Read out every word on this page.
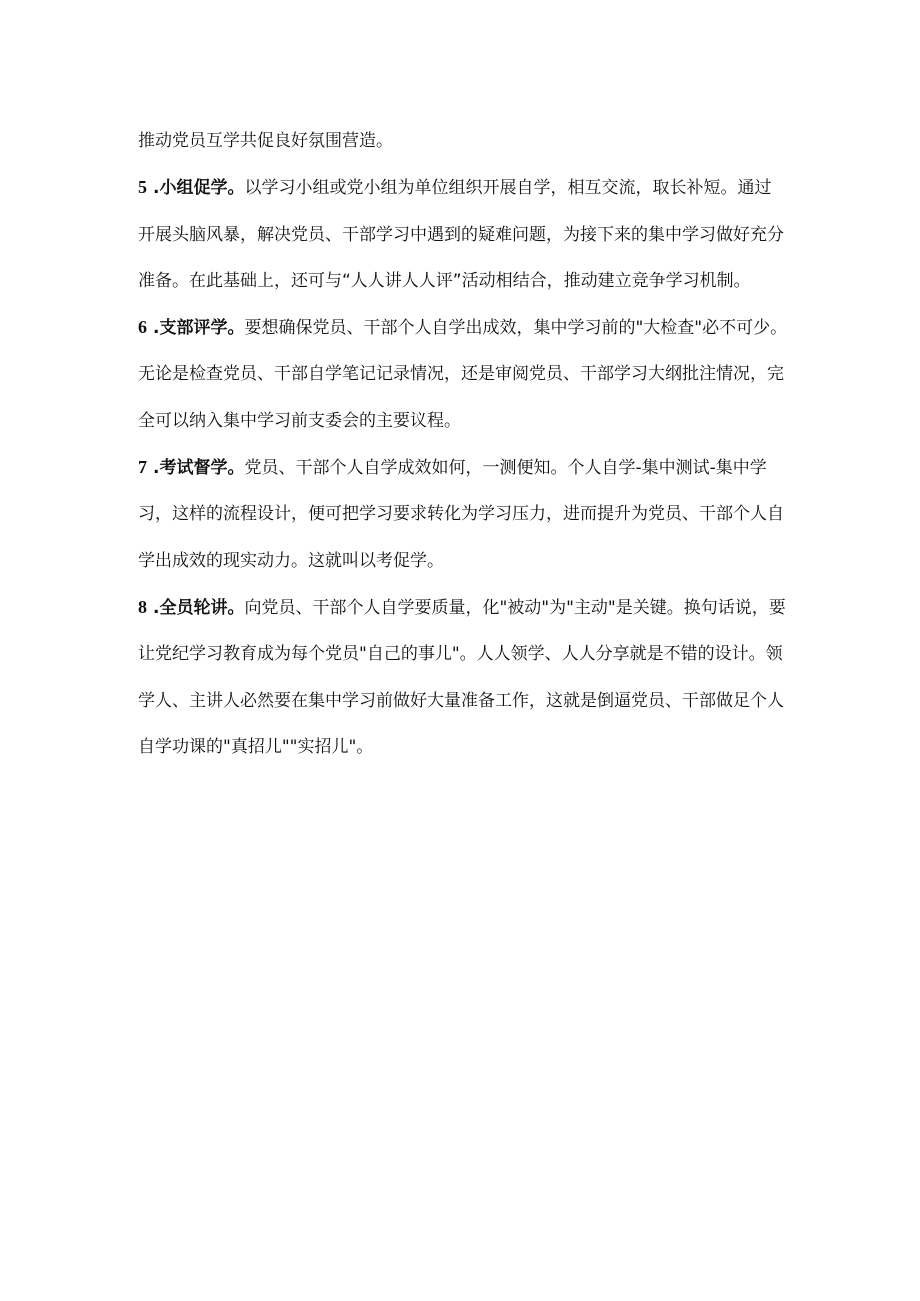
推动党员互学共促良好氛围营造。

5 .小组促学。以学习小组或党小组为单位组织开展自学，相互交流，取长补短。通过开展头脑风暴，解决党员、干部学习中遇到的疑难问题，为接下来的集中学习做好充分准备。在此基础上，还可与“人人讲人人评”活动相结合，推动建立竞争学习机制。

6 .支部评学。要想确保党员、干部个人自学出成效，集中学习前的"大检查"必不可少。无论是检查党员、干部自学笔记记录情况，还是审阅党员、干部学习大纲批注情况，完全可以纳入集中学习前支委会的主要议程。

7 .考试督学。党员、干部个人自学成效如何，一测便知。个人自学-集中测试-集中学习，这样的流程设计，便可把学习要求转化为学习压力，进而提升为党员、干部个人自学出成效的现实动力。这就叫以考促学。

8 .全员轮讲。向党员、干部个人自学要质量，化"被动"为"主动"是关键。换句话说，要让党纪学习教育成为每个党员"自己的事儿"。人人领学、人人分享就是不错的设计。领学人、主讲人必然要在集中学习前做好大量准备工作，这就是倒逼党员、干部做足个人自学功课的"真招儿""实招儿"。
